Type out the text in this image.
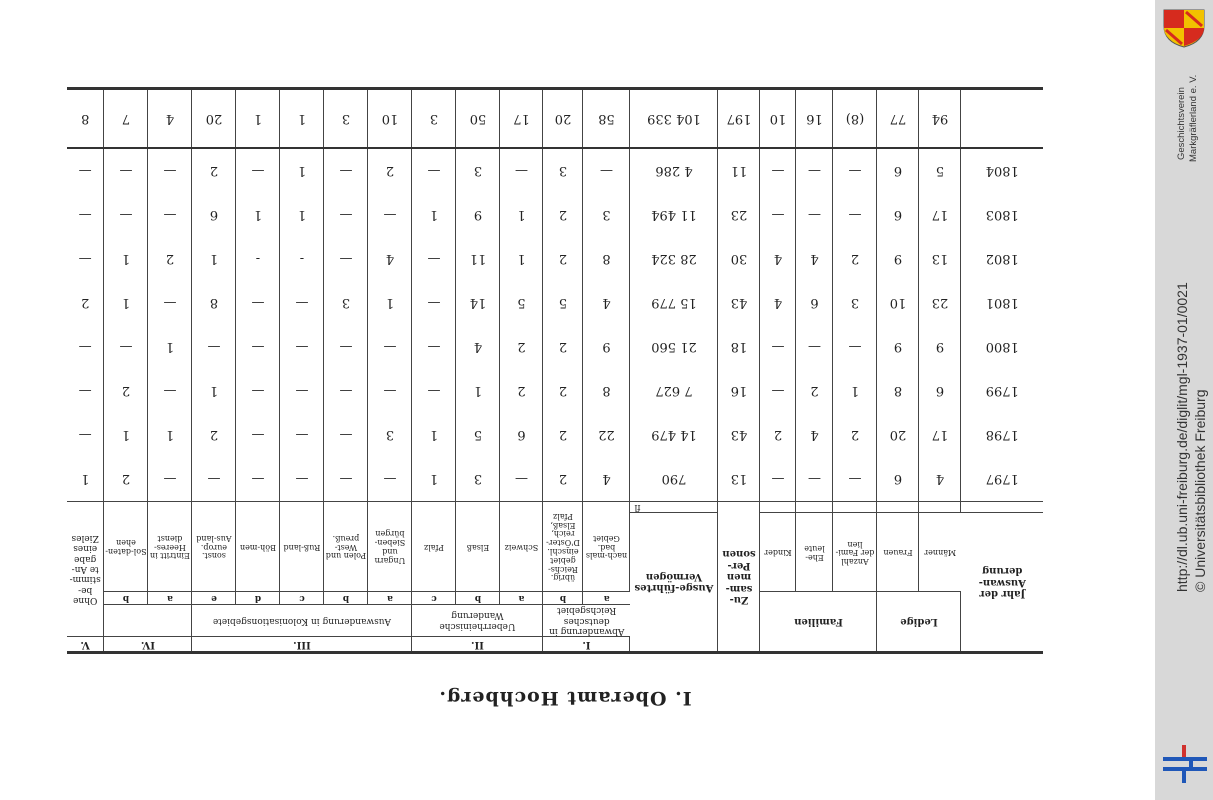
I. Oberamt Hochberg.
Jahr der Auswan-derung	Ledige		Familien			Zu-sam-men Per-sonen	Ausge-führtes Vermögen	I.		II.			III.					IV.		V.
								Abwanderung in deutsches Reichsgebiet		Ueberrheinische Wanderung			Auswanderung in Kolonisationsgebiete							Ohne be-stimm-te An-gabe eines Zieles
								a	b	a	b	c	a	b	c	d	e	a	b	
	Männer	Frauen	Anzahl der Fami-lien	Ehe-leute	Kinder			nach-mals bad. Gebiet	übrig. Reichs-gebiet einschl. D'Öster-reich, Elsaß, Pfalz	Schweiz	Elsaß	Pfalz	Ungarn und Sieben-bürgen	Polen und West-preuß.	Ruß-land	Böh-men	sonst. europ. Aus-land	Eintritt in Heeres-dienst	Sol-daten-ehen	
							fl													
1797	4	6	—	—	—	13	790	4	2	—	3	1	—	—	—	—	—	—	2	1
1798	17	20	2	4	2	43	14 479	22	2	6	5	1	3	—	—	—	2	1	1	—
1799	6	8	1	2	—	16	7 627	8	2	2	1	—	—	—	—	—	1	—	2	—
1800	9	9	—	—	—	18	21 560	9	2	2	4	—	—	—	—	—	—	1	—	—
1801	23	10	3	6	4	43	15 779	4	5	5	14	—	1	3	—	—	8	—	1	2
1802	13	9	2	4	4	30	28 324	8	2	1	11	—	4	—	-	-	1	2	1	—
1803	17	6	—	—	—	23	11 494	3	2	1	9	1	—	—	1	1	6	—	—	—
1804	5	6	—	—	—	11	4 286	—	3	—	3	—	2	—	1	—	2	—	—	—
	94	77	(8)	16	10	197	104 339	58	20	17	50	3	10	3	1	1	20	4	7	8	Geschichtsverein Markgräflerland e. V.
http://dl.ub.uni-freiburg.de/diglit/mgl-1937-01/0021 © Universitätsbibliothek Freiburg
